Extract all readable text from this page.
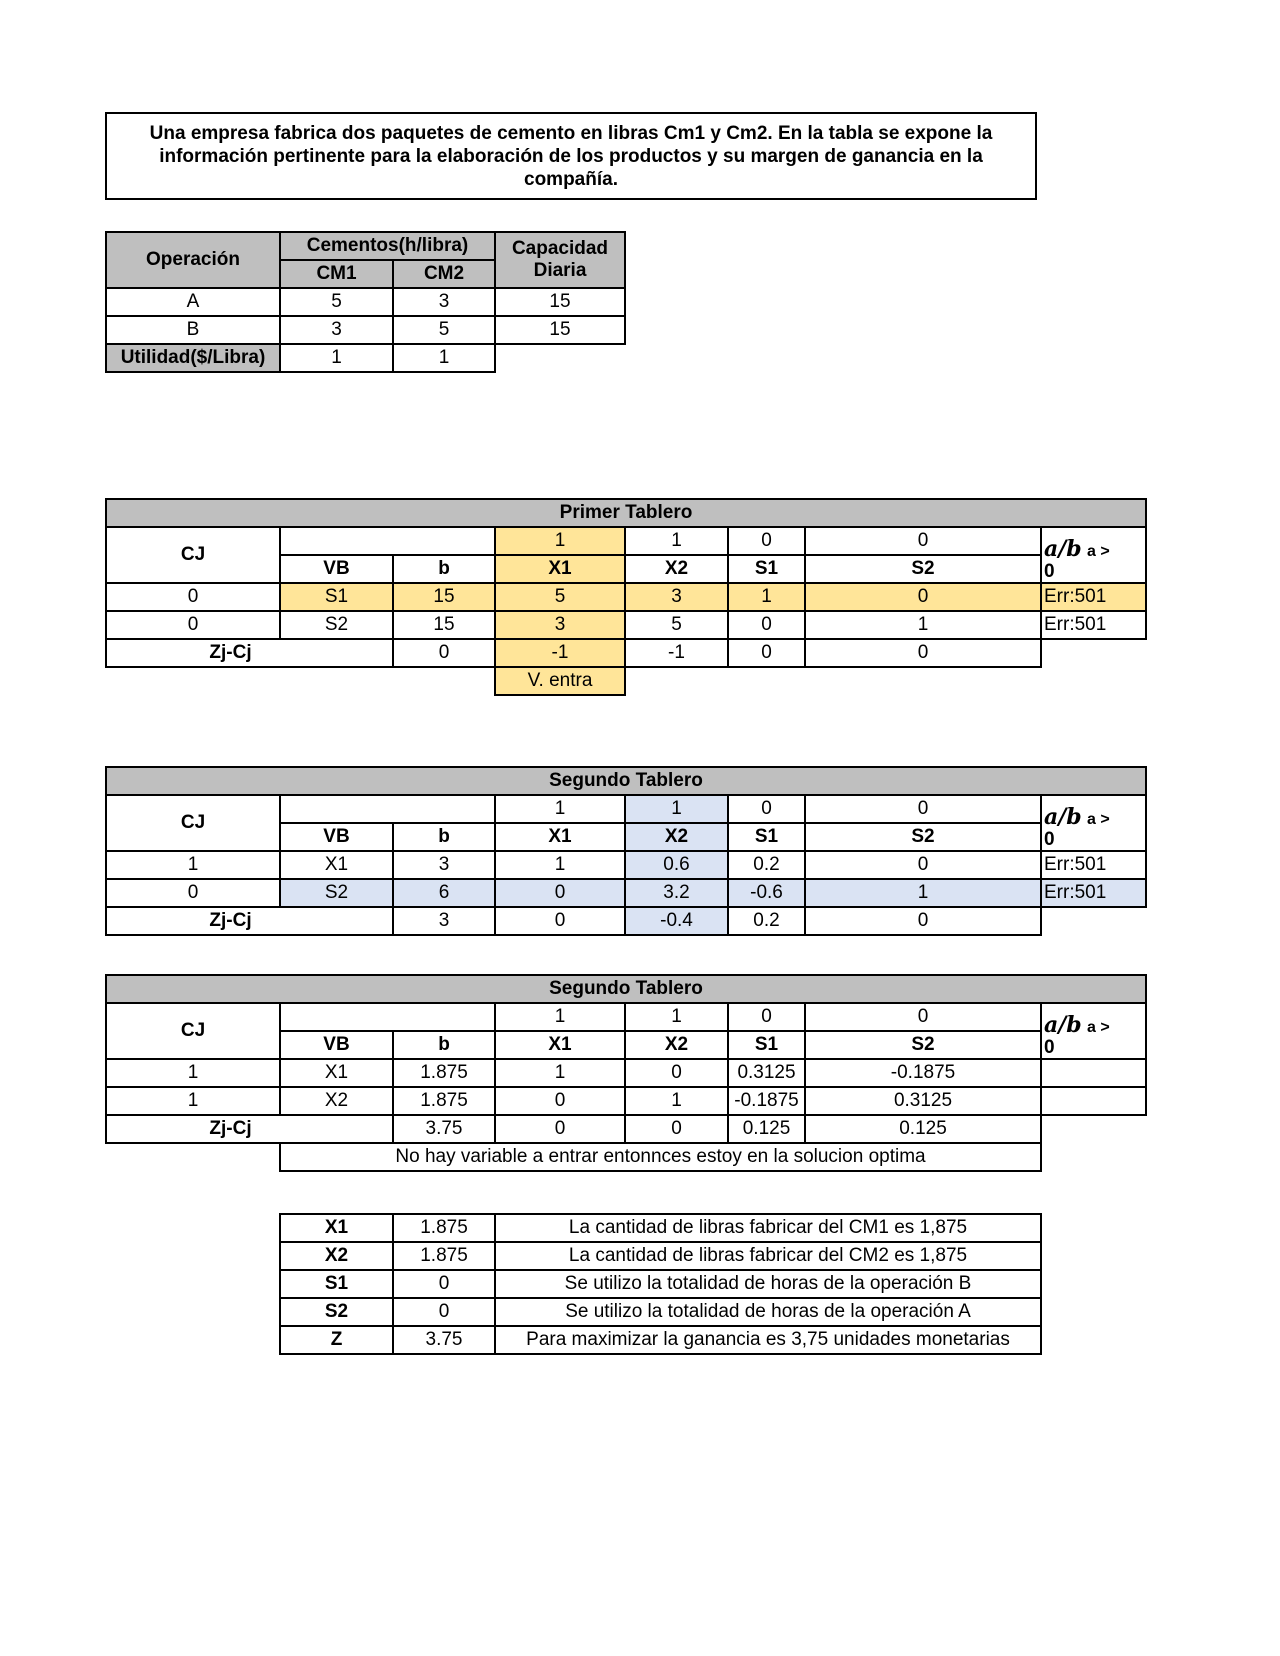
Una empresa fabrica dos paquetes de cemento en libras Cm1 y Cm2. En la tabla se expone la información pertinente para la elaboración de los productos y su margen de ganancia en la compañía.
Operación	Cementos(h/libra)		Capacidad Diaria
	CM1	CM2	
A	5	3	15
B	3	5	15
Utilidad($/Libra)	1	1	
Primer Tablero							
CJ			1	1	0	0	a/b a >
0
	VB	b	X1	X2	S1	S2	
0	S1	15	5	3	1	0	Err:501
0	S2	15	3	5	0	1	Err:501
Zj-Cj		0	-1	-1	0	0	
			V. entra				
Segundo Tablero							
CJ			1	1	0	0	a/b a >
0
	VB	b	X1	X2	S1	S2	
1	X1	3	1	0.6	0.2	0	Err:501
0	S2	6	0	3.2	-0.6	1	Err:501
Zj-Cj		3	0	-0.4	0.2	0	
Segundo Tablero							
CJ			1	1	0	0	a/b a >
0
	VB	b	X1	X2	S1	S2	
1	X1	1.875	1	0	0.3125	-0.1875	
1	X2	1.875	0	1	-0.1875	0.3125	
Zj-Cj		3.75	0	0	0.125	0.125	
	No hay variable a entrar entonnces estoy en la solucion optima						
X1	1.875	La cantidad de libras fabricar del CM1 es 1,875
X2	1.875	La cantidad de libras fabricar del CM2 es 1,875
S1	0	Se utilizo la totalidad de horas de la operación B
S2	0	Se utilizo la totalidad de horas de la operación A
Z	3.75	Para maximizar la ganancia es 3,75 unidades monetarias
